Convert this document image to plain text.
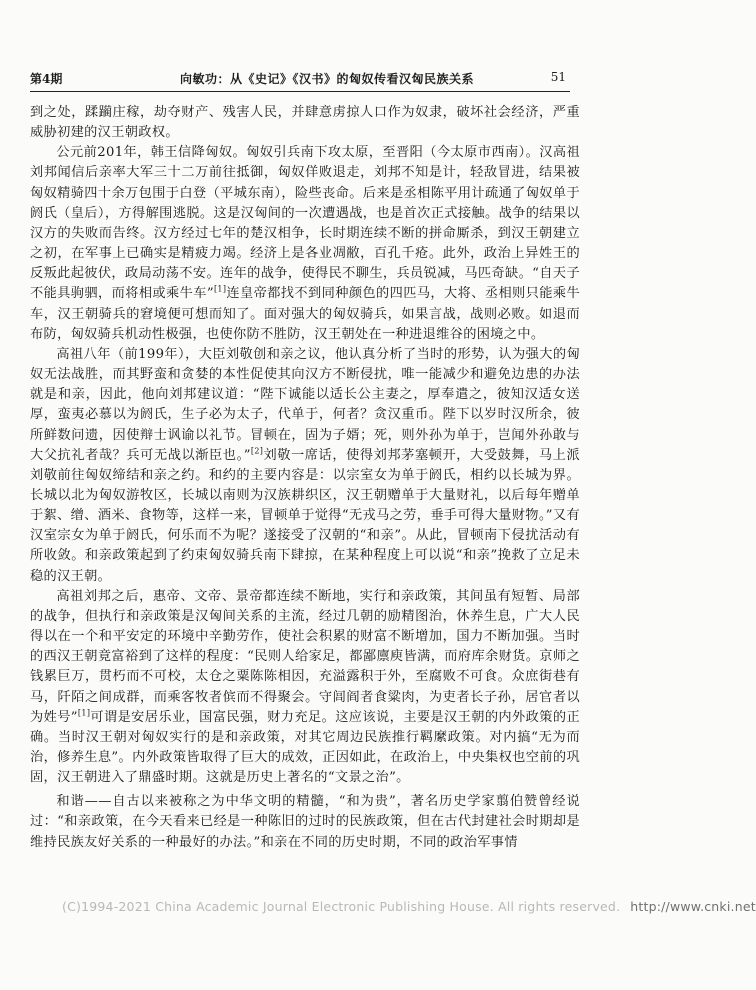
第4期	向敏功：从《史记》《汉书》的匈奴传看汉匈民族关系	51

到之处，蹂躏庄稼，劫夺财产、残害人民，并肆意虏掠人口作为奴隶，破坏社会经济，严重威胁初建的汉王朝政权。

公元前201年，韩王信降匈奴。匈奴引兵南下攻太原，至晋阳（今太原市西南）。汉高祖刘邦闻信后亲率大军三十二万前往抵御，匈奴佯败退走，刘邦不知是计，轻敌冒进，结果被匈奴精骑四十余万包围于白登（平城东南），险些丧命。后来是丞相陈平用计疏通了匈奴单于阏氏（皇后），方得解围逃脱。这是汉匈间的一次遭遇战，也是首次正式接触。战争的结果以汉方的失败而告终。汉方经过七年的楚汉相争，长时期连续不断的拼命厮杀，到汉王朝建立之初，在军事上已确实是精疲力竭。经济上是各业凋敝，百孔千疮。此外，政治上异姓王的反叛此起彼伏，政局动荡不安。连年的战争，使得民不聊生，兵员锐减，马匹奇缺。“自天子不能具驹驷，而将相或乘牛车”[1]连皇帝都找不到同种颜色的四匹马，大将、丞相则只能乘牛车，汉王朝骑兵的窘境便可想而知了。面对强大的匈奴骑兵，如果言战，战则必败。如退而布防，匈奴骑兵机动性极强，也使你防不胜防，汉王朝处在一种进退维谷的困境之中。

高祖八年（前199年），大臣刘敬创和亲之议，他认真分析了当时的形势，认为强大的匈奴无法战胜，而其野蛮和贪婪的本性促使其向汉方不断侵扰，唯一能减少和避免边患的办法就是和亲，因此，他向刘邦建议道：“陛下诚能以适长公主妻之，厚奉遣之，彼知汉适女送厚，蛮夷必慕以为阏氏，生子必为太子，代单于，何者？贪汉重币。陛下以岁时汉所余，彼所鲜数问遗，因使辩士讽谕以礼节。冒顿在，固为子婿；死，则外孙为单于，岂闻外孙敢与大父抗礼者哉？兵可无战以渐臣也。”[2]刘敬一席话，使得刘邦茅塞顿开，大受鼓舞，马上派刘敬前往匈奴缔结和亲之约。和约的主要内容是：以宗室女为单于阏氏，相约以长城为界。长城以北为匈奴游牧区，长城以南则为汉族耕织区，汉王朝赠单于大量财礼，以后每年赠单于絮、缯、酒米、食物等，这样一来，冒顿单于觉得“无戎马之劳，垂手可得大量财物。”又有汉室宗女为单于阏氏，何乐而不为呢？遂接受了汉朝的“和亲”。从此，冒顿南下侵扰活动有所收敛。和亲政策起到了约束匈奴骑兵南下肆掠，在某种程度上可以说“和亲”挽救了立足未稳的汉王朝。

高祖刘邦之后，惠帝、文帝、景帝都连续不断地，实行和亲政策，其间虽有短暂、局部的战争，但执行和亲政策是汉匈间关系的主流，经过几朝的励精图治，休养生息，广大人民得以在一个和平安定的环境中辛勤劳作，使社会积累的财富不断增加，国力不断加强。当时的西汉王朝竟富裕到了这样的程度：“民则人给家足，都鄙廪庾皆满，而府库余财货。京师之钱累巨万，贯朽而不可校，太仓之粟陈陈相因，充溢露积于外，至腐败不可食。众庶街巷有马，阡陌之间成群，而乘客牧者傧而不得聚会。守闾阎者食粱肉，为吏者长子孙，居官者以为姓号”[1]可谓是安居乐业，国富民强，财力充足。这应该说，主要是汉王朝的内外政策的正确。当时汉王朝对匈奴实行的是和亲政策，对其它周边民族推行羁縻政策。对内搞“无为而治，修养生息”。内外政策皆取得了巨大的成效，正因如此，在政治上，中央集权也空前的巩固，汉王朝进入了鼎盛时期。这就是历史上著名的“文景之治”。

和谐——自古以来被称之为中华文明的精髓，“和为贵”，著名历史学家翦伯赞曾经说过：“和亲政策，在今天看来已经是一种陈旧的过时的民族政策，但在古代封建社会时期却是维持民族友好关系的一种最好的办法。”和亲在不同的历史时期，不同的政治军事情

(C)1994-2021 China Academic Journal Electronic Publishing House. All rights reserved. http://www.cnki.net
